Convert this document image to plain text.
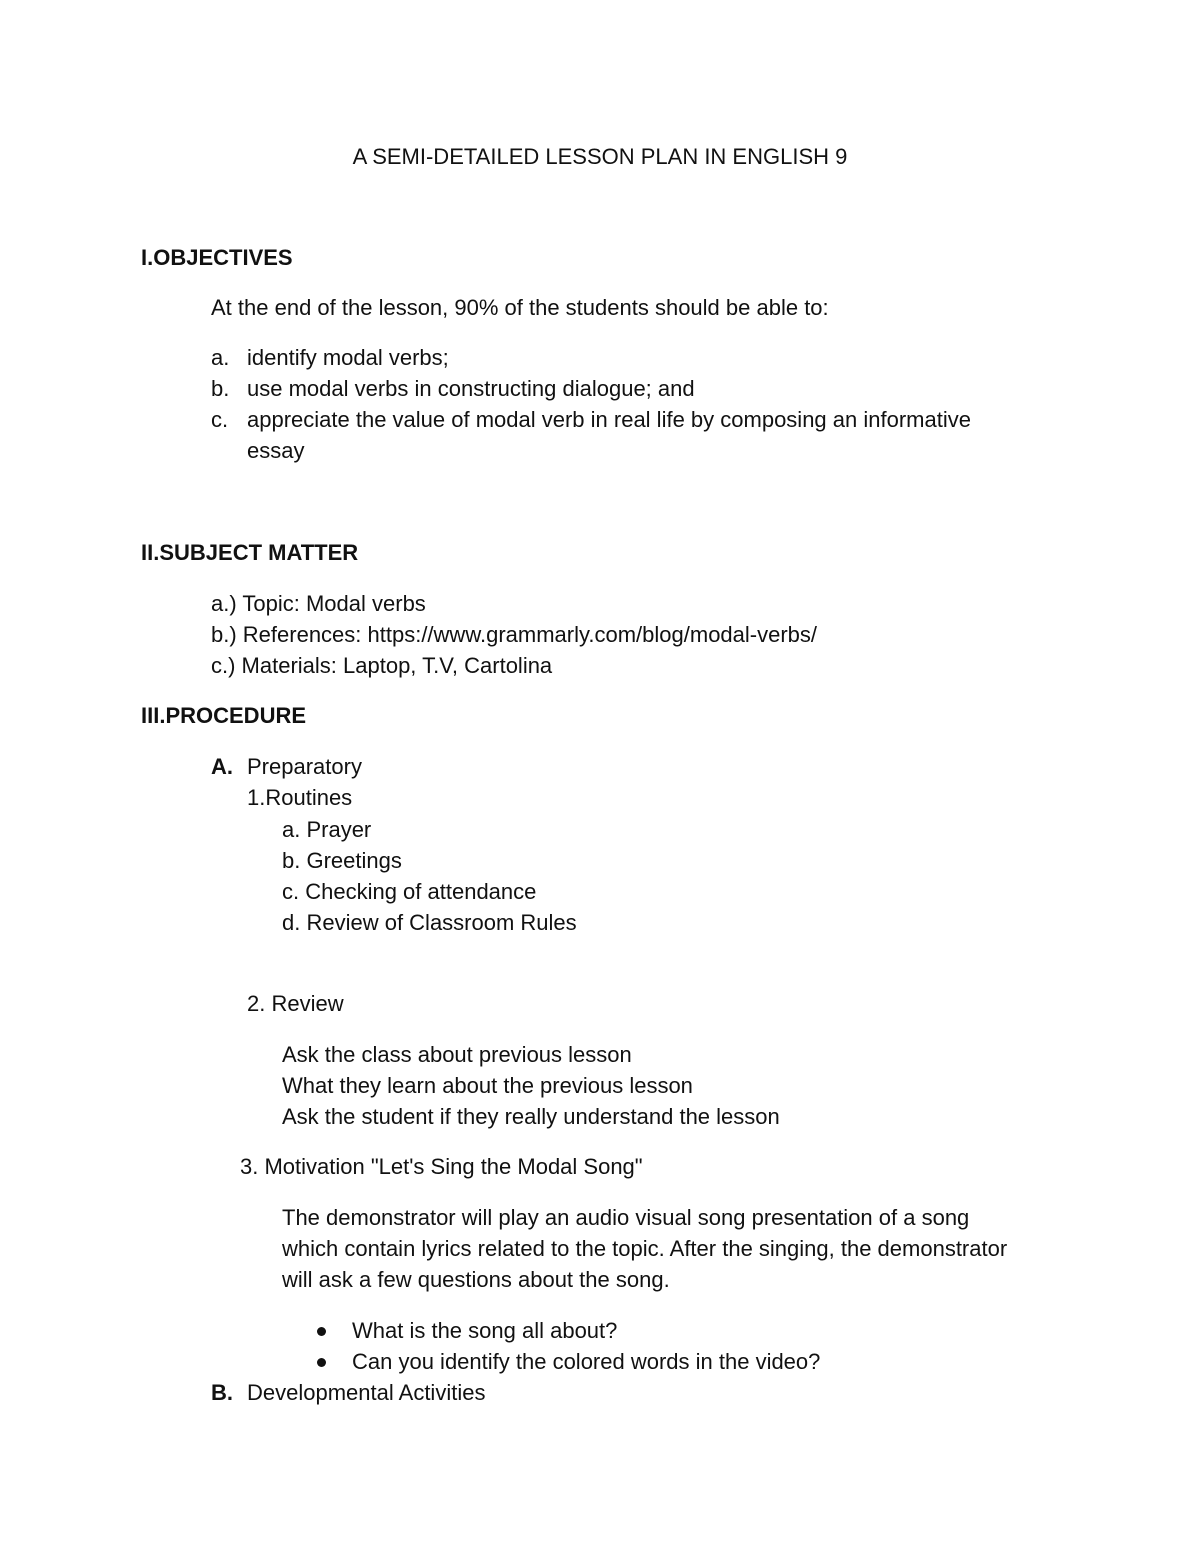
A SEMI-DETAILED LESSON PLAN IN ENGLISH 9
I.OBJECTIVES
At the end of the lesson, 90% of the students should be able to:
a. identify modal verbs;
b. use modal verbs in constructing dialogue; and
c. appreciate the value of modal verb in real life by composing an informative
essay
II.SUBJECT MATTER
a.) Topic: Modal verbs
b.) References: https://www.grammarly.com/blog/modal-verbs/
c.) Materials: Laptop, T.V, Cartolina
III.PROCEDURE
A. Preparatory
1.Routines
a. Prayer
b. Greetings
c. Checking of attendance
d. Review of Classroom Rules
2. Review
Ask the class about previous lesson
What they learn about the previous lesson
Ask the student if they really understand the lesson
3. Motivation "Let's Sing the Modal Song"
The demonstrator will play an audio visual song presentation of a song
which contain lyrics related to the topic. After the singing, the demonstrator
will ask a few questions about the song.
What is the song all about?
Can you identify the colored words in the video?
B. Developmental Activities
